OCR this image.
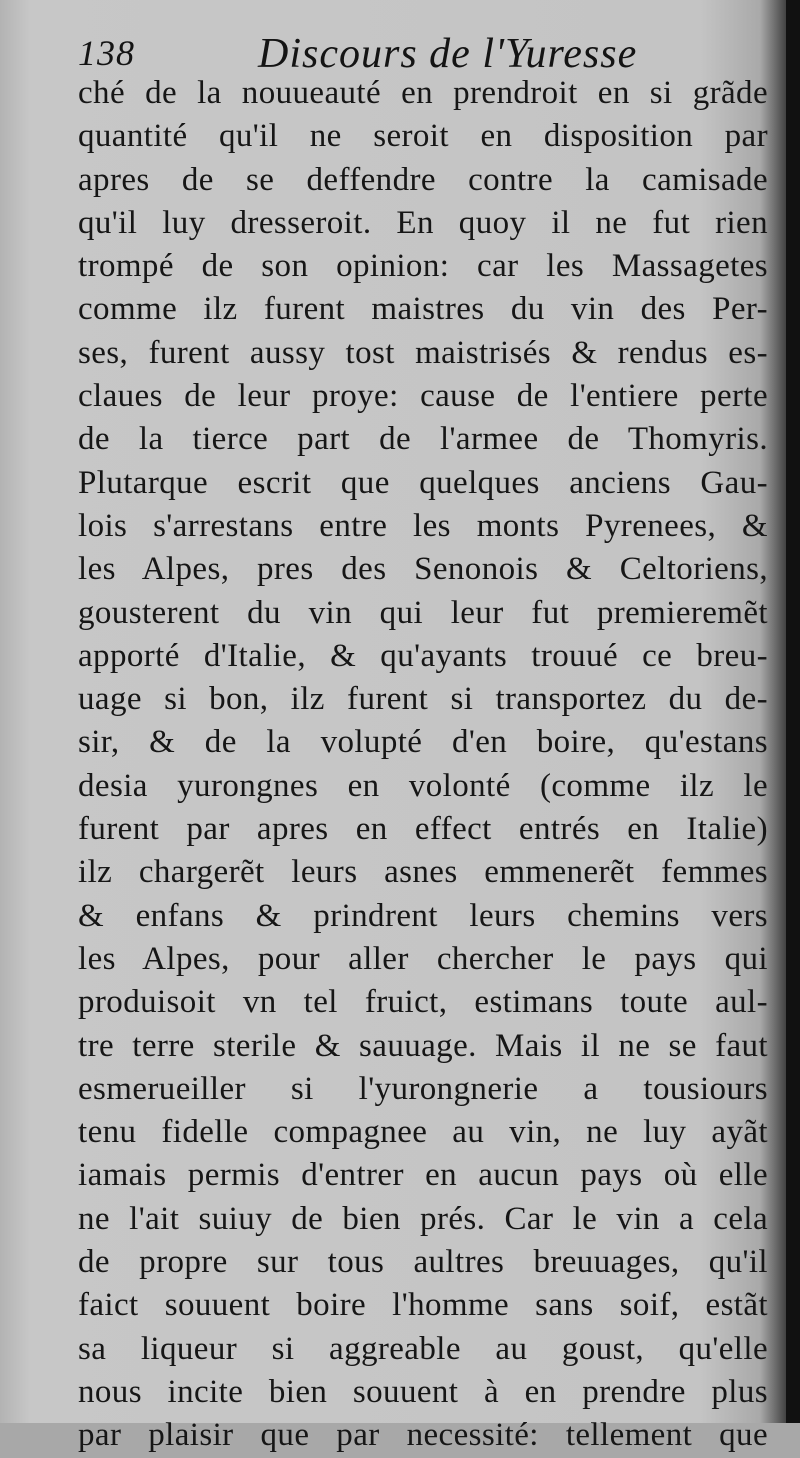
138	Discours de l'Yuresse
ché de la nouueauté en prendroit en si grãde
quantité qu'il ne seroit en disposition par
apres de se deffendre contre la camisade
qu'il luy dresseroit. En quoy il ne fut rien
trompé de son opinion: car les Massagetes
comme ilz furent maistres du vin des Per-
ses, furent aussy tost maistrisés & rendus es-
claues de leur proye: cause de l'entiere perte
de la tierce part de l'armee de Thomyris.
Plutarque escrit que quelques anciens Gau-
lois s'arrestans entre les monts Pyrenees, &
les Alpes, pres des Senonois & Celtoriens,
gousterent du vin qui leur fut premieremẽt
apporté d'Italie, & qu'ayants trouué ce breu-
uage si bon, ilz furent si transportez du de-
sir, & de la volupté d'en boire, qu'estans
desia yurongnes en volonté (comme ilz le
furent par apres en effect entrés en Italie)
ilz chargerẽt leurs asnes emmenerẽt femmes
& enfans & prindrent leurs chemins vers
les Alpes, pour aller chercher le pays qui
produisoit vn tel fruict, estimans toute aul-
tre terre sterile & sauuage. Mais il ne se faut
esmerueiller si l'yurongnerie a tousiours
tenu fidelle compagnee au vin, ne luy ayãt
iamais permis d'entrer en aucun pays où elle
ne l'ait suiuy de bien prés. Car le vin a cela
de propre sur tous aultres breuuages, qu'il
faict souuent boire l'homme sans soif, estãt
sa liqueur si aggreable au goust, qu'elle
nous incite bien souuent à en prendre plus
par plaisir que par necessité: tellement que
